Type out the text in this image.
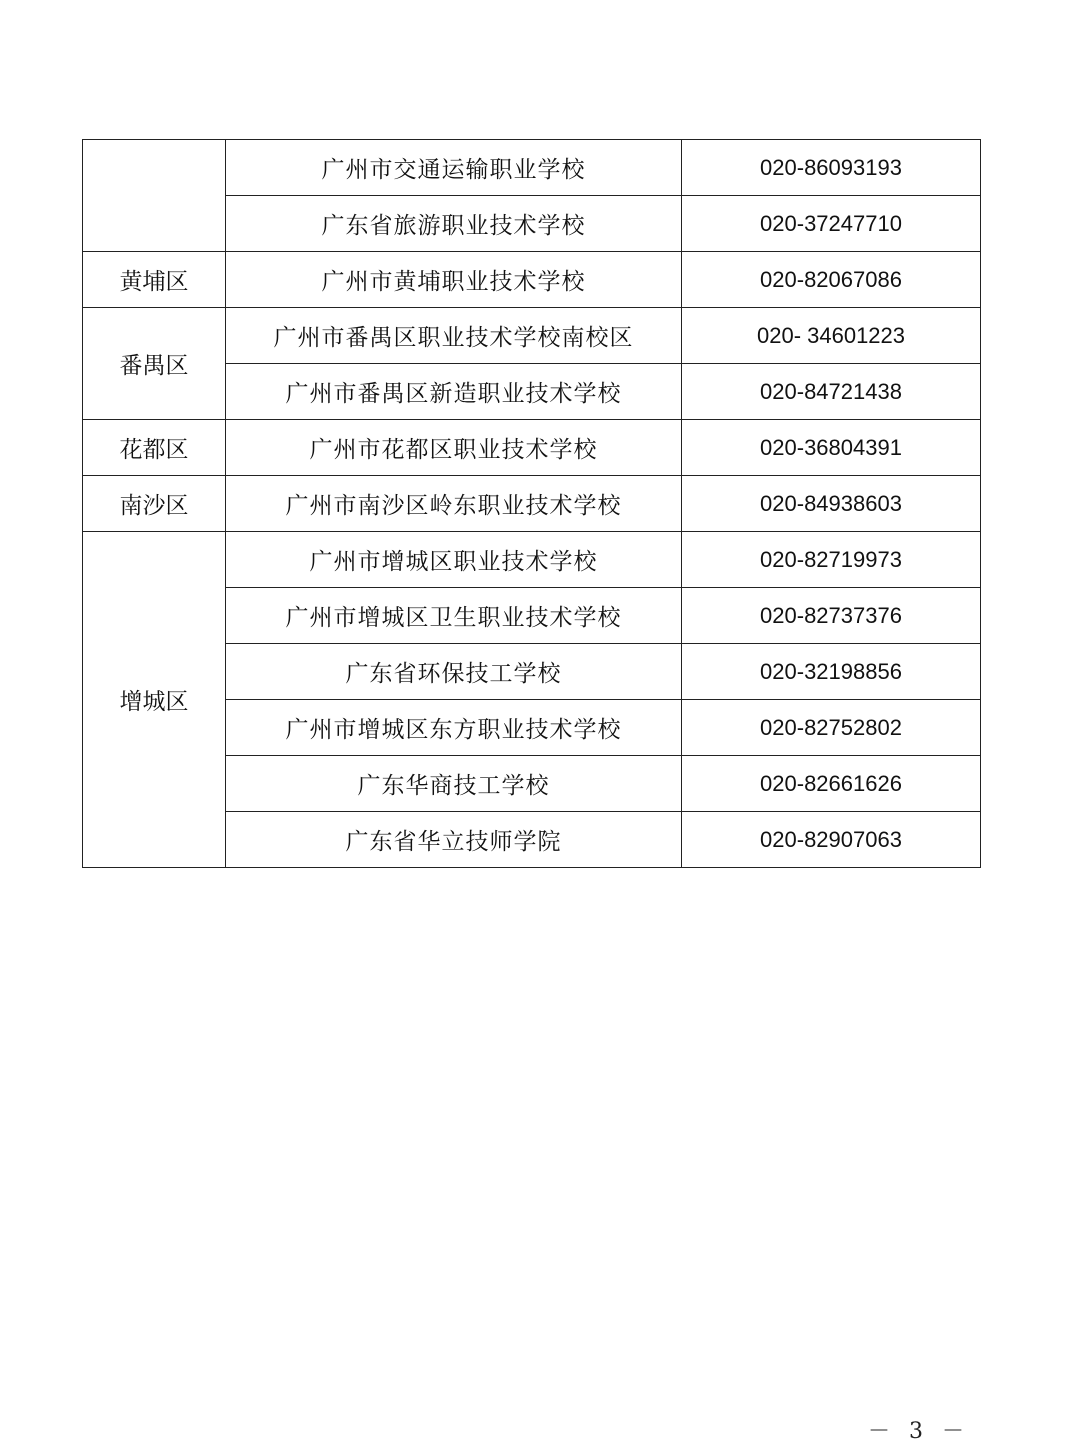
	广州市交通运输职业学校	020-86093193
	广东省旅游职业技术学校	020-37247710
黄埔区	广州市黄埔职业技术学校	020-82067086
番禺区	广州市番禺区职业技术学校南校区	020- 34601223
	广州市番禺区新造职业技术学校	020-84721438
花都区	广州市花都区职业技术学校	020-36804391
南沙区	广州市南沙区岭东职业技术学校	020-84938603
增城区	广州市增城区职业技术学校	020-82719973
	广州市增城区卫生职业技术学校	020-82737376
	广东省环保技工学校	020-32198856
	广州市增城区东方职业技术学校	020-82752802
	广东华商技工学校	020-82661626
	广东省华立技师学院	020-82907063
－ 3 －
